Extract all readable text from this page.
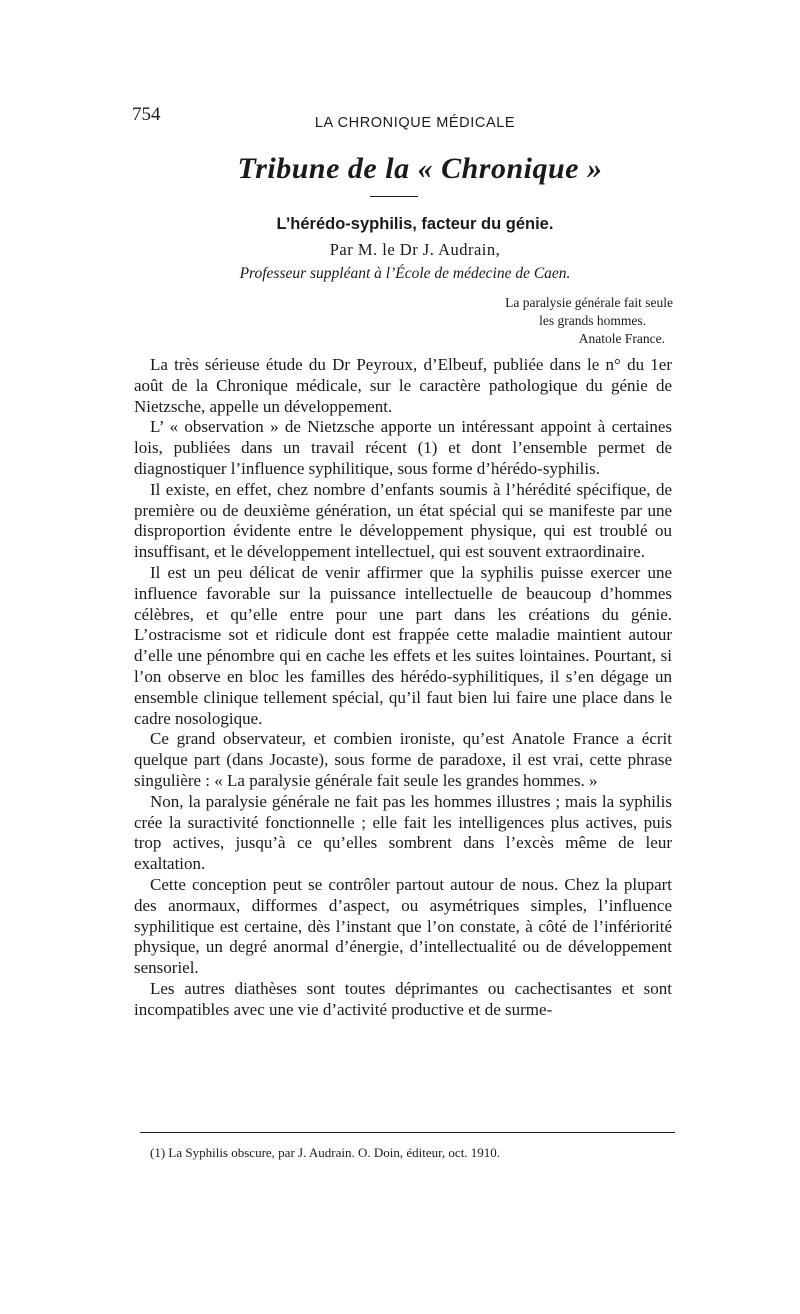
754	LA CHRONIQUE MÉDICALE
Tribune de la « Chronique »
L’hérédo-syphilis, facteur du génie.
Par M. le Dr J. Audrain,
Professeur suppléant à l’École de médecine de Caen.
La paralysie générale fait seule
les grands hommes.
Anatole France.

La très sérieuse étude du Dr Peyroux, d’Elbeuf, publiée dans le n° du 1er août de la Chronique médicale, sur le caractère pathologique du génie de Nietzsche, appelle un développement.

L’ « observation » de Nietzsche apporte un intéressant appoint à certaines lois, publiées dans un travail récent (1) et dont l’ensemble permet de diagnostiquer l’influence syphilitique, sous forme d’hérédo-syphilis.

Il existe, en effet, chez nombre d’enfants soumis à l’hérédité spécifique, de première ou de deuxième génération, un état spécial qui se manifeste par une disproportion évidente entre le développement physique, qui est troublé ou insuffisant, et le développement intellectuel, qui est souvent extraordinaire.

Il est un peu délicat de venir affirmer que la syphilis puisse exercer une influence favorable sur la puissance intellectuelle de beaucoup d’hommes célèbres, et qu’elle entre pour une part dans les créations du génie. L’ostracisme sot et ridicule dont est frappée cette maladie maintient autour d’elle une pénombre qui en cache les effets et les suites lointaines. Pourtant, si l’on observe en bloc les familles des hérédo-syphilitiques, il s’en dégage un ensemble clinique tellement spécial, qu’il faut bien lui faire une place dans le cadre nosologique.

Ce grand observateur, et combien ironiste, qu’est Anatole France a écrit quelque part (dans Jocaste), sous forme de paradoxe, il est vrai, cette phrase singulière : « La paralysie générale fait seule les grandes hommes. »

Non, la paralysie générale ne fait pas les hommes illustres ; mais la syphilis crée la suractivité fonctionnelle ; elle fait les intelligences plus actives, puis trop actives, jusqu’à ce qu’elles sombrent dans l’excès même de leur exaltation.

Cette conception peut se contrôler partout autour de nous. Chez la plupart des anormaux, difformes d’aspect, ou asymétriques simples, l’influence syphilitique est certaine, dès l’instant que l’on constate, à côté de l’infériorité physique, un degré anormal d’énergie, d’intellectualité ou de développement sensoriel.

Les autres diathèses sont toutes déprimantes ou cachectisantes et sont incompatibles avec une vie d’activité productive et de surme-

(1) La Syphilis obscure, par J. Audrain. O. Doin, éditeur, oct. 1910.
